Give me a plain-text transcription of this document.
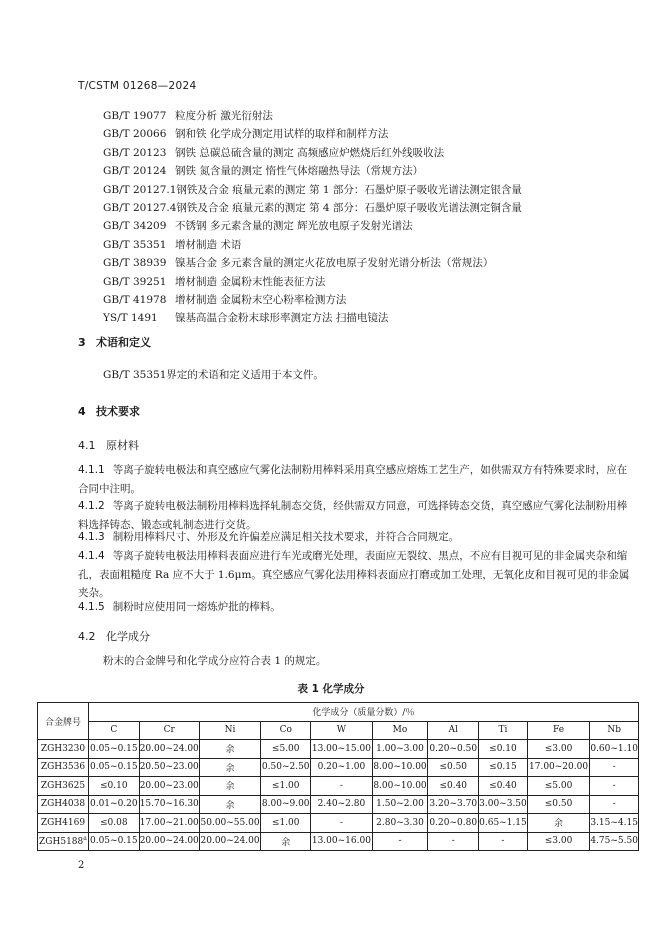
T/CSTM 01268—2024
GB/T 19077 粒度分析 激光衍射法
GB/T 20066 钢和铁 化学成分测定用试样的取样和制样方法
GB/T 20123 钢铁 总碳总硫含量的测定 高频感应炉燃烧后红外线吸收法
GB/T 20124 钢铁 氮含量的测定 惰性气体熔融热导法（常规方法）
GB/T 20127.1钢铁及合金 痕量元素的测定 第 1 部分：石墨炉原子吸收光谱法测定银含量
GB/T 20127.4钢铁及合金 痕量元素的测定 第 4 部分：石墨炉原子吸收光谱法测定铜含量
GB/T 34209 不锈钢 多元素含量的测定 辉光放电原子发射光谱法
GB/T 35351 增材制造 术语
GB/T 38939 镍基合金 多元素含量的测定火花放电原子发射光谱分析法（常规法）
GB/T 39251 增材制造 金属粉末性能表征方法
GB/T 41978 增材制造 金属粉末空心粉率检测方法
YS/T 1491 镍基高温合金粉末球形率测定方法 扫描电镜法
3 术语和定义
GB/T 35351界定的术语和定义适用于本文件。
4 技术要求
4.1 原材料
4.1.1 等离子旋转电极法和真空感应气雾化法制粉用棒料采用真空感应熔炼工艺生产，如供需双方有特殊要求时，应在合同中注明。
4.1.2 等离子旋转电极法制粉用棒料选择轧制态交货，经供需双方同意，可选择铸态交货，真空感应气雾化法制粉用棒料选择铸态、锻态或轧制态进行交货。
4.1.3 制粉用棒料尺寸、外形及允许偏差应满足相关技术要求，并符合合同规定。
4.1.4 等离子旋转电极法用棒料表面应进行车光或磨光处理，表面应无裂纹、黑点，不应有目视可见的非金属夹杂和缩孔，表面粗糙度 Ra 应不大于 1.6μm。真空感应气雾化法用棒料表面应打磨或加工处理，无氧化皮和目视可见的非金属夹杂。
4.1.5 制粉时应使用同一熔炼炉批的棒料。
4.2 化学成分
粉末的合金牌号和化学成分应符合表 1 的规定。
表 1 化学成分
合金牌号	化学成分（质量分数）/％									
	C	Cr	Ni	Co	W	Mo	Al	Ti	Fe	Nb
ZGH3230	0.05~0.15	20.00~24.00	余	≤5.00	13.00~15.00	1.00~3.00	0.20~0.50	≤0.10	≤3.00	0.60~1.10
ZGH3536	0.05~0.15	20.50~23.00	余	0.50~2.50	0.20~1.00	8.00~10.00	≤0.50	≤0.15	17.00~20.00	-
ZGH3625	≤0.10	20.00~23.00	余	≤1.00	-	8.00~10.00	≤0.40	≤0.40	≤5.00	-
ZGH4038	0.01~0.20	15.70~16.30	余	8.00~9.00	2.40~2.80	1.50~2.00	3.20~3.70	3.00~3.50	≤0.50	-
ZGH4169	≤0.08	17.00~21.00	50.00~55.00	≤1.00	-	2.80~3.30	0.20~0.80	0.65~1.15	余	3.15~4.15
ZGH5188$^a$	0.05~0.15	20.00~24.00	20.00~24.00	余	13.00~16.00	-	-	-	≤3.00	4.75~5.50
2
